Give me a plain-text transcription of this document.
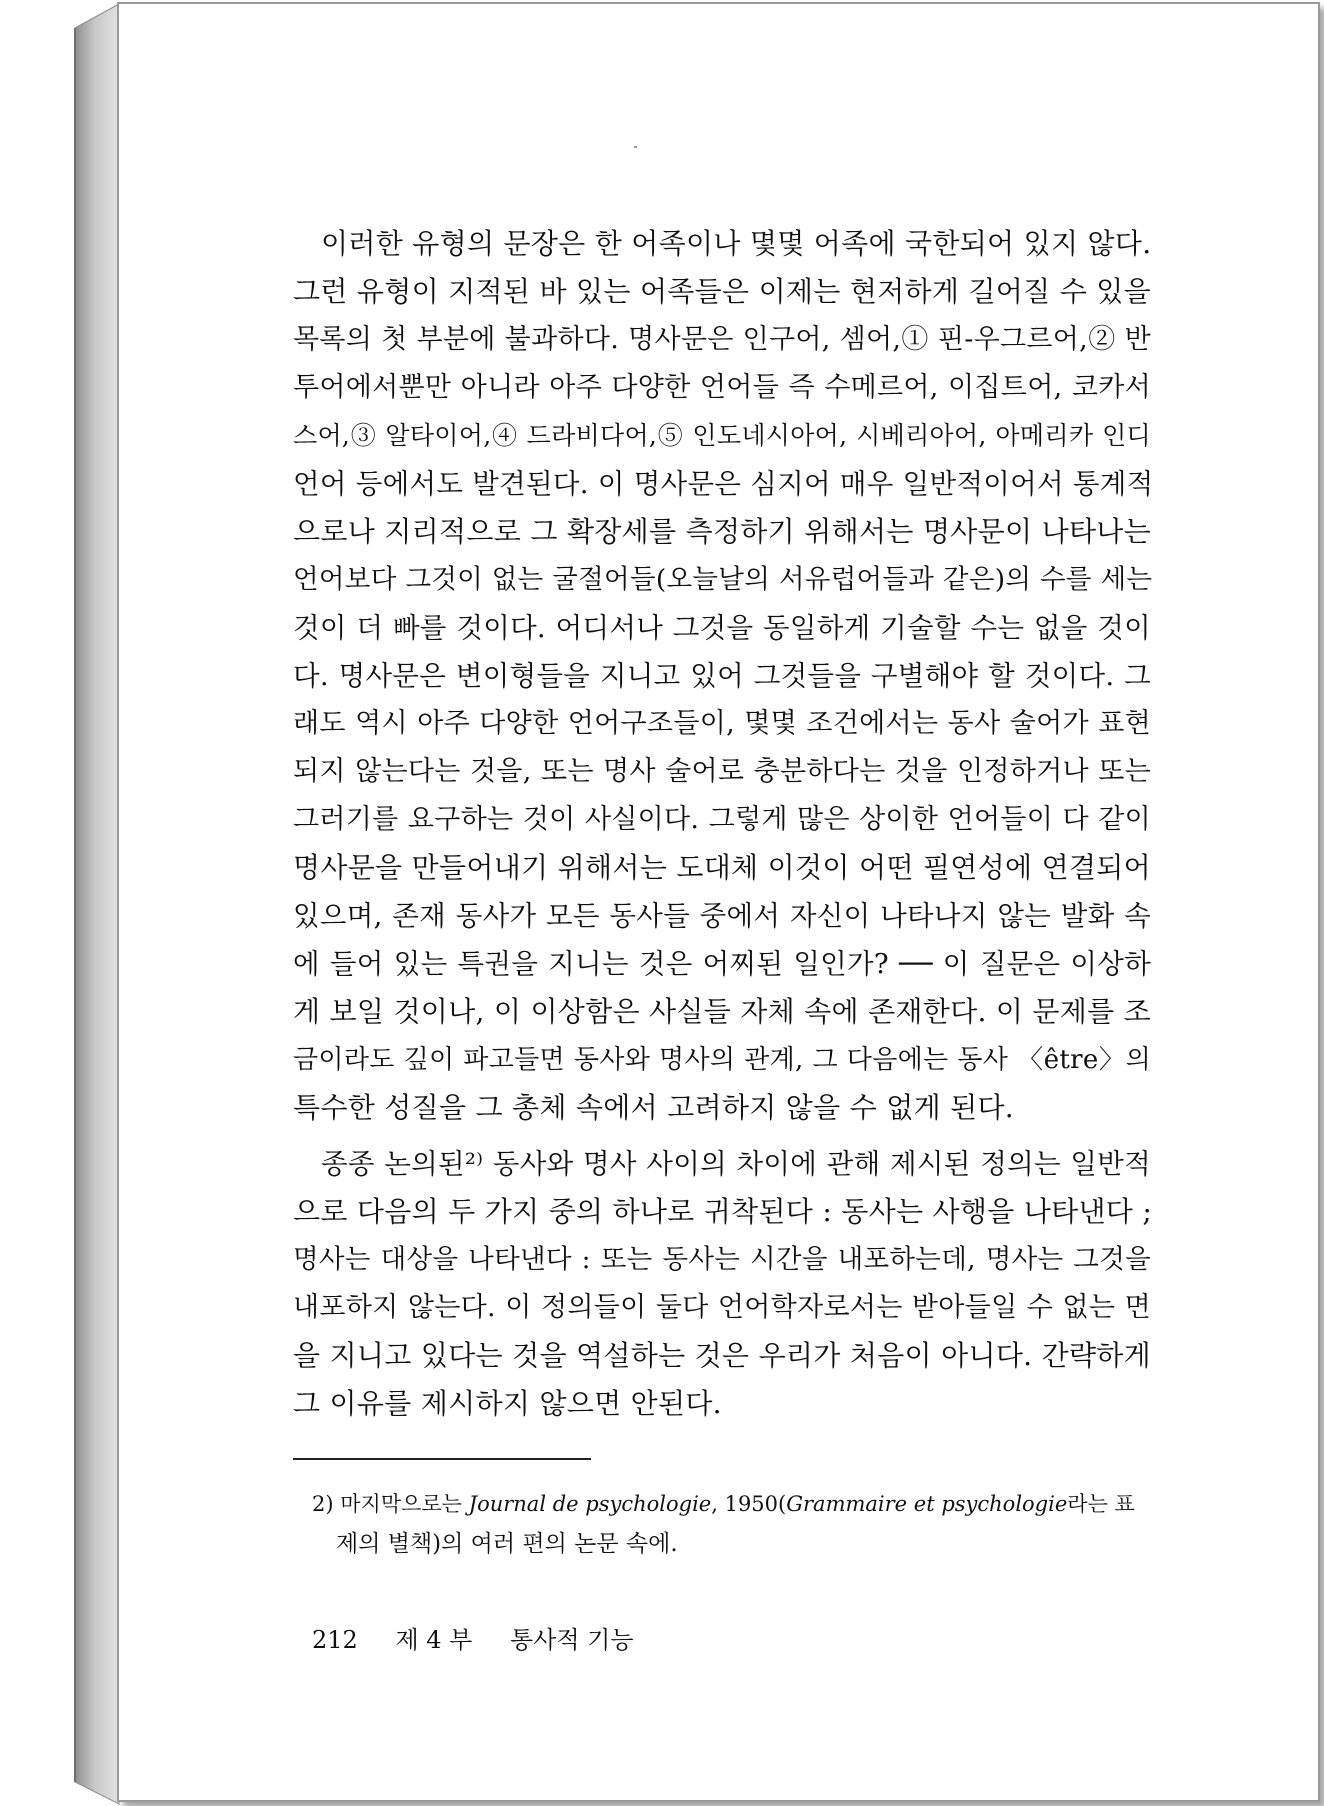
이러한 유형의 문장은 한 어족이나 몇몇 어족에 국한되어 있지 않다.
그런 유형이 지적된 바 있는 어족들은 이제는 현저하게 길어질 수 있을
목록의 첫 부분에 불과하다. 명사문은 인구어, 셈어,① 핀-우그르어,② 반
투어에서뿐만 아니라 아주 다양한 언어들 즉 수메르어, 이집트어, 코카서
스어,③ 알타이어,④ 드라비다어,⑤ 인도네시아어, 시베리아어, 아메리카 인디
언어 등에서도 발견된다. 이 명사문은 심지어 매우 일반적이어서 통계적
으로나 지리적으로 그 확장세를 측정하기 위해서는 명사문이 나타나는
언어보다 그것이 없는 굴절어들(오늘날의 서유럽어들과 같은)의 수를 세는
것이 더 빠를 것이다. 어디서나 그것을 동일하게 기술할 수는 없을 것이
다. 명사문은 변이형들을 지니고 있어 그것들을 구별해야 할 것이다. 그
래도 역시 아주 다양한 언어구조들이, 몇몇 조건에서는 동사 술어가 표현
되지 않는다는 것을, 또는 명사 술어로 충분하다는 것을 인정하거나 또는
그러기를 요구하는 것이 사실이다. 그렇게 많은 상이한 언어들이 다 같이
명사문을 만들어내기 위해서는 도대체 이것이 어떤 필연성에 연결되어
있으며, 존재 동사가 모든 동사들 중에서 자신이 나타나지 않는 발화 속
에 들어 있는 특권을 지니는 것은 어찌된 일인가? ── 이 질문은 이상하
게 보일 것이나, 이 이상함은 사실들 자체 속에 존재한다. 이 문제를 조
금이라도 깊이 파고들면 동사와 명사의 관계, 그 다음에는 동사 〈être〉의
특수한 성질을 그 총체 속에서 고려하지 않을 수 없게 된다.

종종 논의된²⁾ 동사와 명사 사이의 차이에 관해 제시된 정의는 일반적
으로 다음의 두 가지 중의 하나로 귀착된다 : 동사는 사행을 나타낸다 ;
명사는 대상을 나타낸다 : 또는 동사는 시간을 내포하는데, 명사는 그것을
내포하지 않는다. 이 정의들이 둘다 언어학자로서는 받아들일 수 없는 면
을 지니고 있다는 것을 역설하는 것은 우리가 처음이 아니다. 간략하게
그 이유를 제시하지 않으면 안된다.

2) 마지막으로는 Journal de psychologie, 1950(Grammaire et psychologie라는 표
제의 별책)의 여러 편의 논문 속에.
212 제 4 부 통사적 기능
